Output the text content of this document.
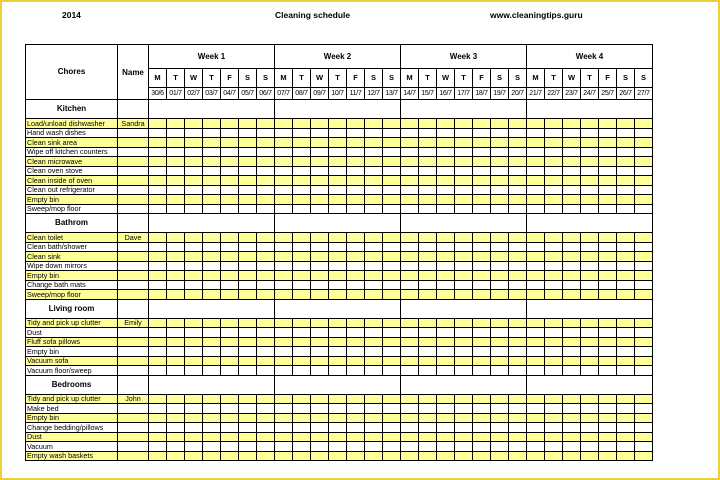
2014	Cleaning schedule	www.cleaningtips.guru
Chores	Name	Week 1							Week 2							Week 3							Week 4						
		M	T	W	T	F	S	S	M	T	W	T	F	S	S	M	T	W	T	F	S	S	M	T	W	T	F	S	S
		30/6	01/7	02/7	03/7	04/7	05/7	06/7	07/7	08/7	09/7	10/7	11/7	12/7	13/7	14/7	15/7	16/7	17/7	18/7	19/7	20/7	21/7	22/7	23/7	24/7	25/7	26/7	27/7
Kitchen																													
Load/unload dishwasher	Sandra																												
Hand wash dishes																													
Clean sink area																													
Wipe off kitchen counters																													
Clean microwave																													
Clean oven stove																													
Clean inside of oven																													
Clean out refrigerator																													
Empty bin																													
Sweep/mop floor																													
Bathrom																													
Clean toilet	Dave																												
Clean bath/shower																													
Clean sink																													
Wipe down mirrors																													
Empty bin																													
Change bath mats																													
Sweep/mop floor																													
Living room																													
Tidy and pick up clutter	Emily																												
Dust																													
Fluff sofa pillows																													
Empty bin																													
Vacuum sofa																													
Vacuum floor/sweep																													
Bedrooms																													
Tidy and pick up clutter	John																												
Make bed																													
Empty bin																													
Change bedding/pillows																													
Dust																													
Vacuum																													
Empty wash baskets																													
